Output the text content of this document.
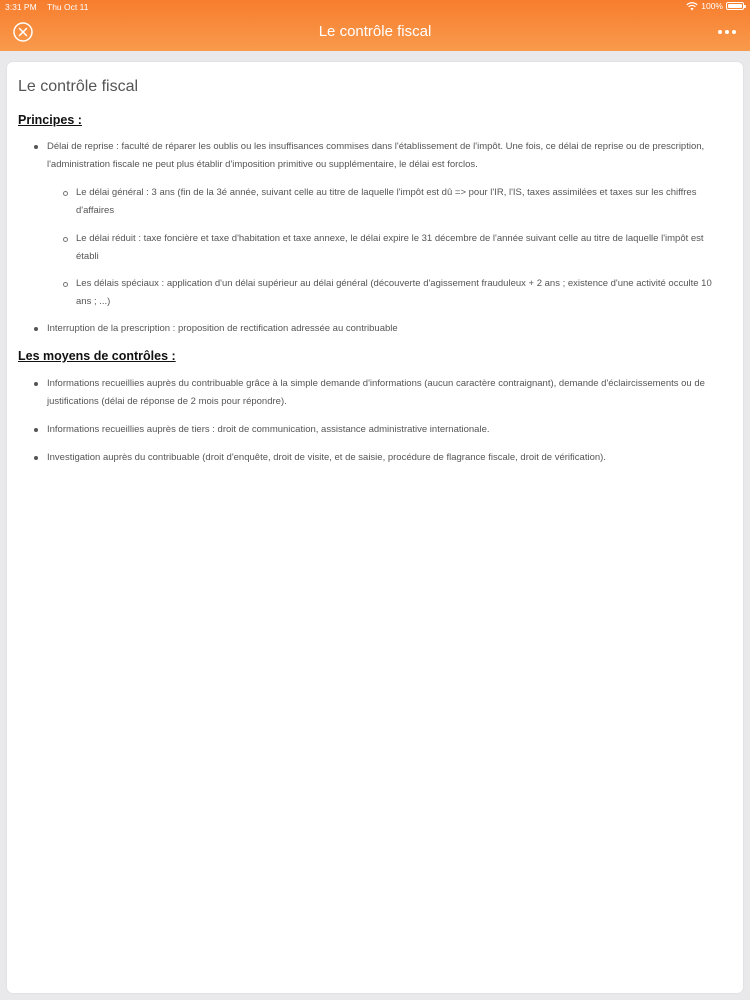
3:31 PM Thu Oct 11	100%
Le contrôle fiscal
Le contrôle fiscal
Principes :
Délai de reprise : faculté de réparer les oublis ou les insuffisances commises dans l'établissement de l'impôt. Une fois, ce délai de reprise ou de prescription, l'administration fiscale ne peut plus établir d'imposition primitive ou supplémentaire, le délai est forclos.
Le délai général : 3 ans (fin de la 3é année, suivant celle au titre de laquelle l'impôt est dû => pour l'IR, l'IS, taxes assimilées et taxes sur les chiffres d'affaires
Le délai réduit : taxe foncière et taxe d'habitation et taxe annexe, le délai expire le 31 décembre de l'année suivant celle au titre de laquelle l'impôt est établi
Les délais spéciaux : application d'un délai supérieur au délai général (découverte d'agissement frauduleux + 2 ans ; existence d'une activité occulte 10 ans ; ...)
Interruption de la prescription : proposition de rectification adressée au contribuable
Les moyens de contrôles :
Informations recueillies auprès du contribuable grâce à la simple demande d'informations (aucun caractère contraignant), demande d'éclaircissements ou de justifications (délai de réponse de 2 mois pour répondre).
Informations recueillies auprès de tiers : droit de communication, assistance administrative internationale.
Investigation auprès du contribuable (droit d'enquête, droit de visite, et de saisie, procédure de flagrance fiscale, droit de vérification).
